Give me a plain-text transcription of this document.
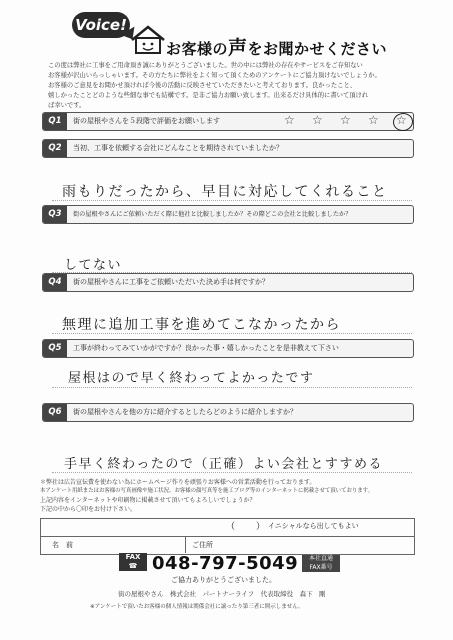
Voice!
お客様の声をお聞かせください

この度は弊社に工事をご用命頂き誠にありがとうございました。世の中には弊社の存在やサービスをご存知ない

お客様が沢山いらっしゃいます。その方たちに弊社をよく知って頂くためのアンケートにご協力頂けないでしょうか。

お客様のご意見をお聞かせ頂ければ今後の活動に反映させていただきたいと考えております。良かったこと、

嬉しかったことどのような些細な事でも結構です。是非ご協力お願い致します。出来るだけ具体的に書いて頂けれ

ば幸いです。

Q1	街の屋根やさんを５段階で評価をお願いします	☆ ☆ ☆ ☆ ☆
Q2	当初、工事を依頼する会社にどんなことを期待されていましたか？
雨もりだったから、早目に対応してくれること
Q3	街の屋根やさんにご依頼いただく際に他社と比較しましたか？その際どこの会社と比較しましたか？
してない
Q4	街の屋根やさんに工事をご依頼いただいた決め手は何ですか？
無理に追加工事を進めてこなかったから
Q5	工事が終わってみていかがですか？良かった事・嬉しかったことを是非教えて下さい
屋根はので早く終わってよかったです
Q6	街の屋根やさんを他の方に紹介するとしたらどのように紹介しますか？
手早く終わったので（正確）よい会社とすすめる
＊弊社は広告宣伝費を使わない為にホームページ作りを頑張りお客様への営業活動を行っております。
本アンケート用紙またはお客様の写真画像や施工状況、お客様の顔写真等を施工ブログ等のインターネットに掲載させて頂いております。
上記内容をインターネットや印刷物に掲載させて頂いてもよろしいでしょうか？
下記の中から〇印をお付け下さい。
（ ） イニシャルなら出してもよい
名　前	ご住所
FAX
☎ 048-797-5049	本社直通
FAX番号
ご協力ありがとうございました。
街の屋根やさん　株式会社　パートナーライフ　代表取締役　森下　剛
※アンケートで頂いたお客様の個人情報は関係会社に譲ったり第三者に開示しません。
